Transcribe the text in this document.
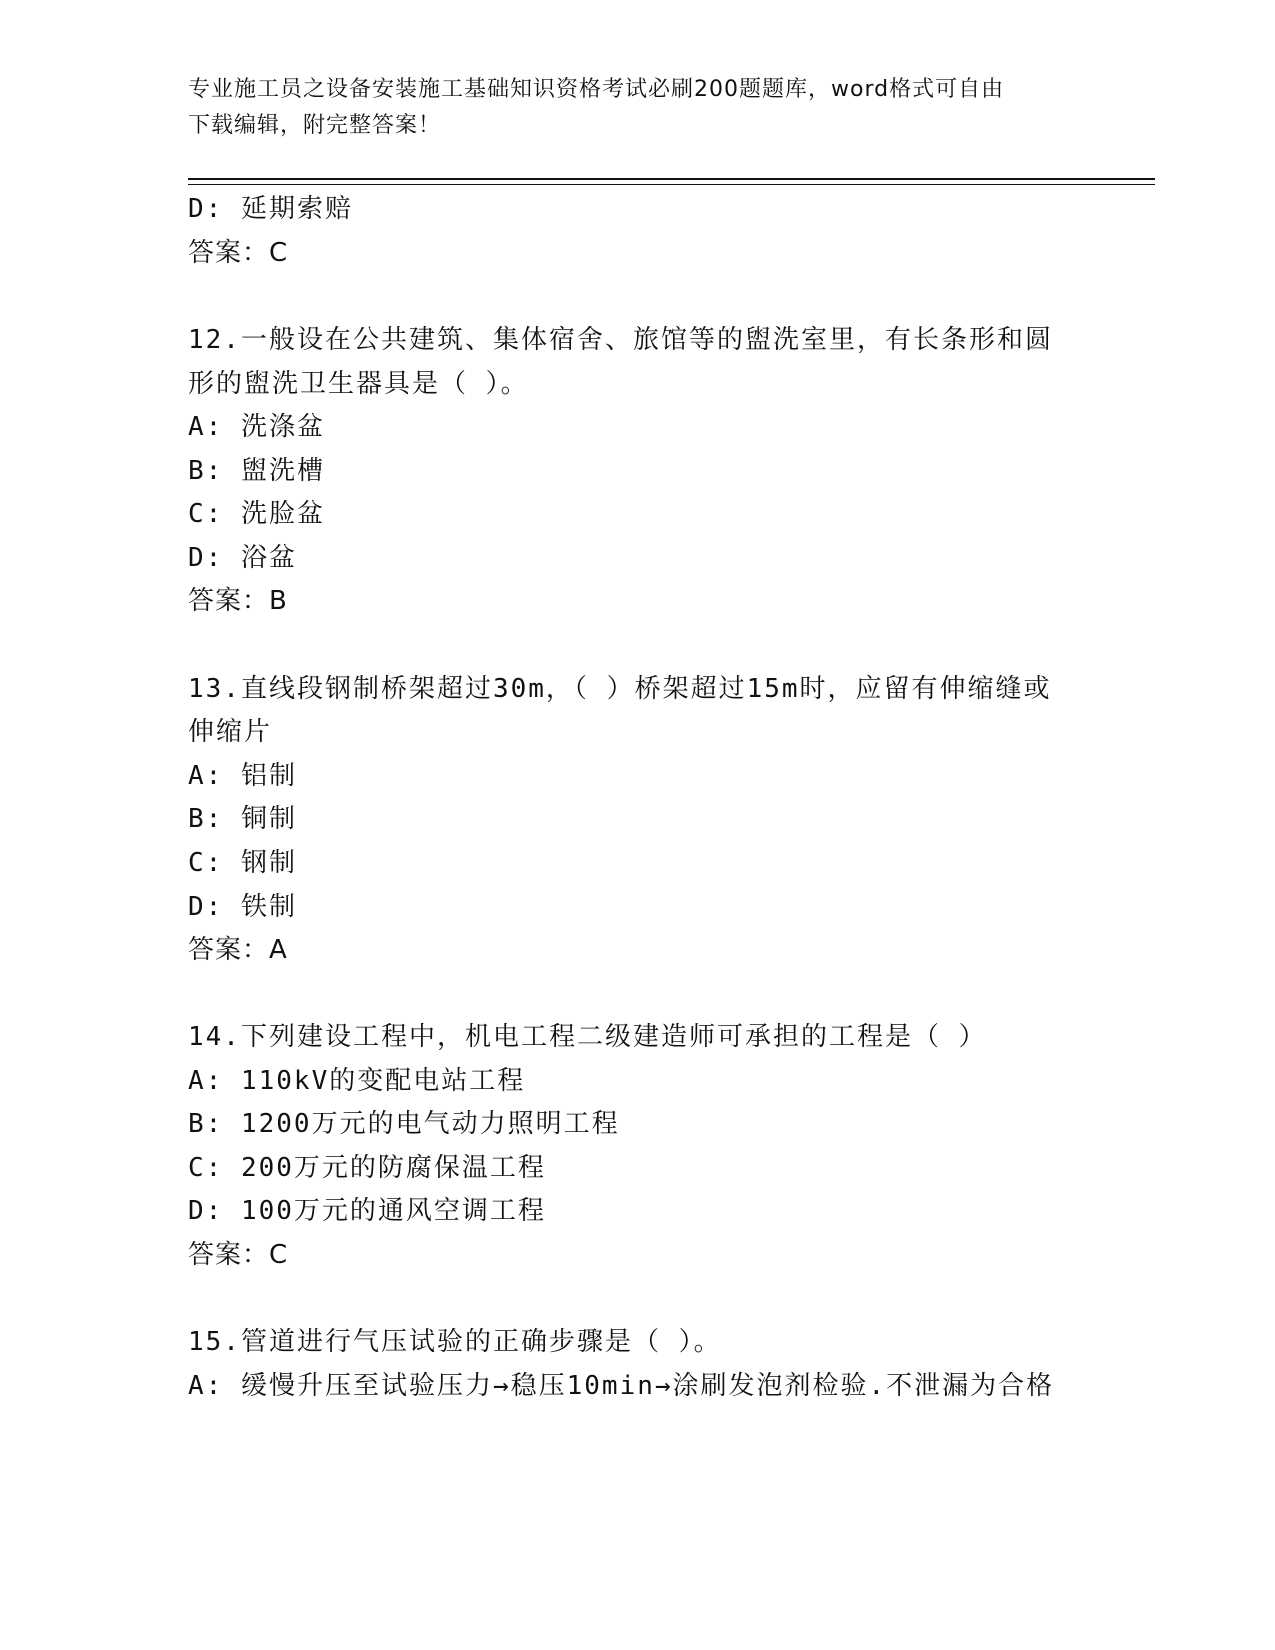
专业施工员之设备安装施工基础知识资格考试必刷200题题库，word格式可自由
下载编辑，附完整答案！
D: 延期索赔
答案：C
12.一般设在公共建筑、集体宿舍、旅馆等的盥洗室里，有长条形和圆
形的盥洗卫生器具是（ ）。
A: 洗涤盆
B: 盥洗槽
C: 洗脸盆
D: 浴盆
答案：B
13.直线段钢制桥架超过30m，（ ）桥架超过15m时，应留有伸缩缝或
伸缩片
A: 铝制
B: 铜制
C: 钢制
D: 铁制
答案：A
14.下列建设工程中，机电工程二级建造师可承担的工程是（ ）
A: 110kV的变配电站工程
B: 1200万元的电气动力照明工程
C: 200万元的防腐保温工程
D: 100万元的通风空调工程
答案：C
15.管道进行气压试验的正确步骤是（ ）。
A: 缓慢升压至试验压力→稳压10min→涂刷发泡剂检验.不泄漏为合格
